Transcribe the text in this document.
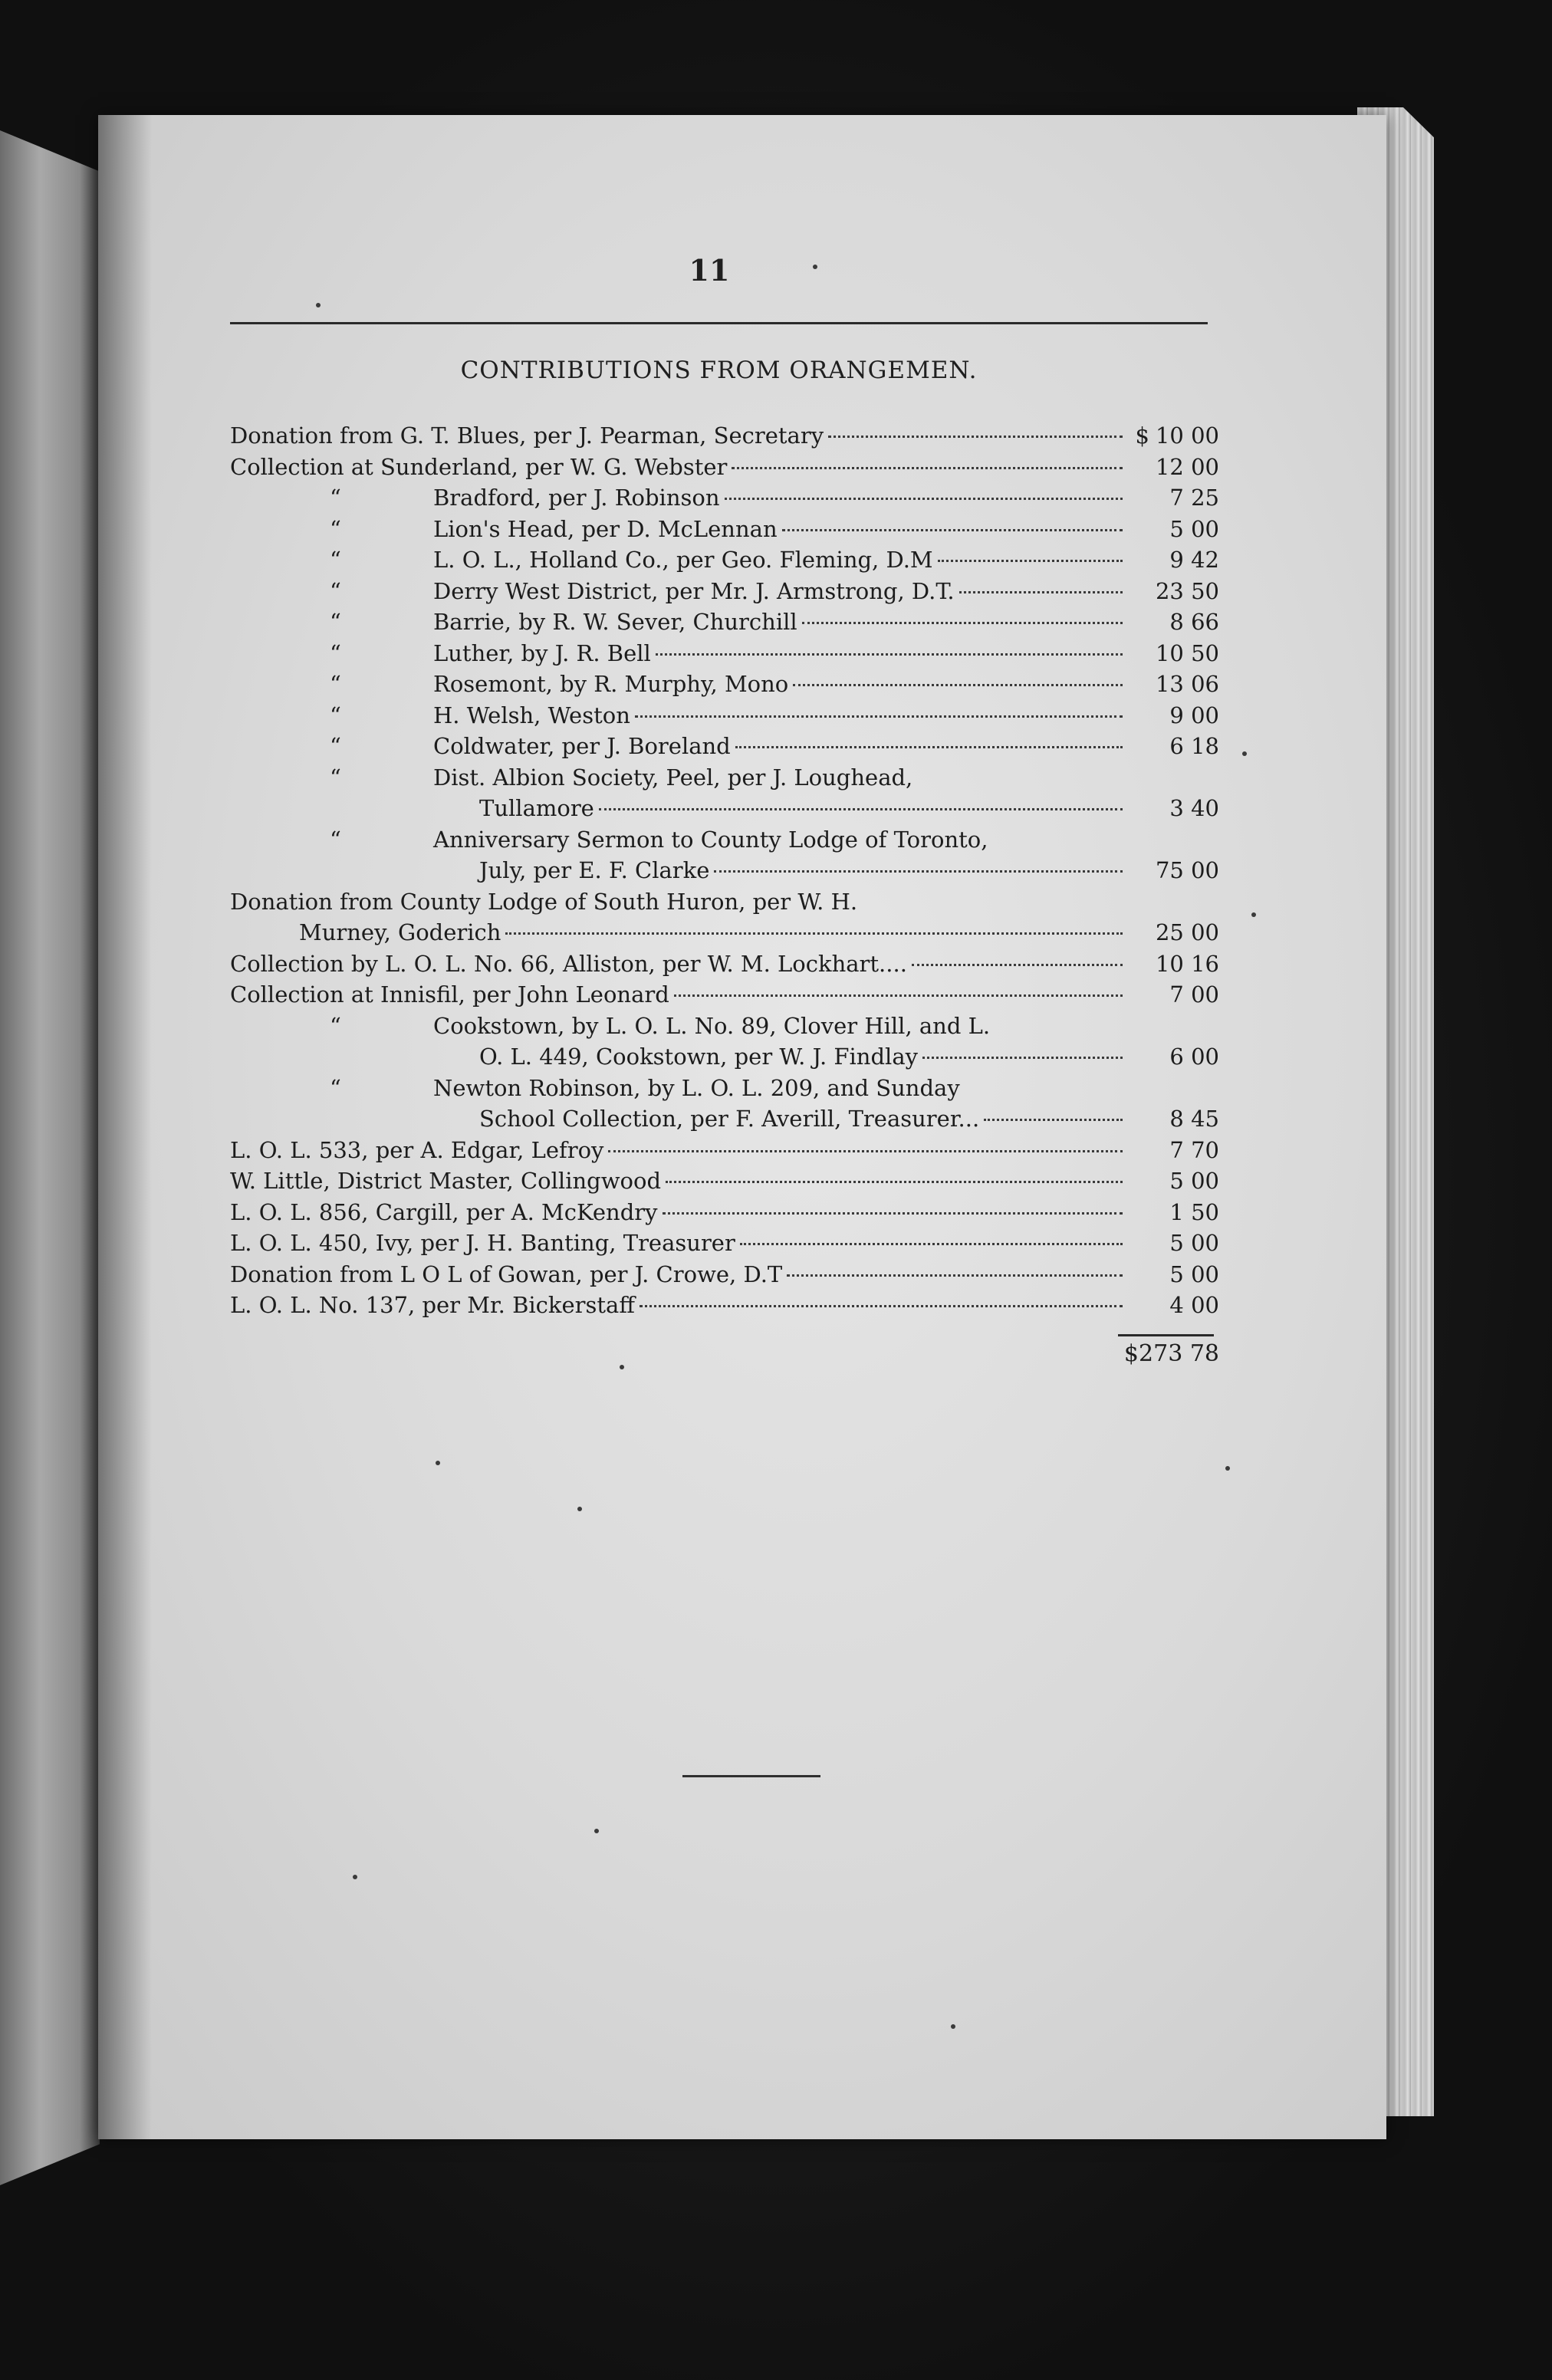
11
CONTRIBUTIONS FROM ORANGEMEN.
Donation from G. T. Blues, per J. Pearman, Secretary	$ 10 00
Collection at Sunderland, per W. G. Webster	12 00
“	Bradford, per J. Robinson	7 25
“	Lion's Head, per D. McLennan	5 00
“	L. O. L., Holland Co., per Geo. Fleming, D.M	9 42
“	Derry West District, per Mr. J. Armstrong, D.T.	23 50
“	Barrie, by R. W. Sever, Churchill	8 66
“	Luther, by J. R. Bell	10 50
“	Rosemont, by R. Murphy, Mono	13 06
“	H. Welsh, Weston	9 00
“	Coldwater, per J. Boreland	6 18
“	Dist. Albion Society, Peel, per J. Loughead,
Tullamore	3 40
“	Anniversary Sermon to County Lodge of Toronto,
July, per E. F. Clarke	75 00
Donation from County Lodge of South Huron, per W. H.
Murney, Goderich	25 00
Collection by L. O. L. No. 66, Alliston, per W. M. Lockhart....	10 16
Collection at Innisfil, per John Leonard	7 00
“	Cookstown, by L. O. L. No. 89, Clover Hill, and L.
O. L. 449, Cookstown, per W. J. Findlay	6 00
“	Newton Robinson, by L. O. L. 209, and Sunday
School Collection, per F. Averill, Treasurer...	8 45
L. O. L. 533, per A. Edgar, Lefroy	7 70
W. Little, District Master, Collingwood	5 00
L. O. L. 856, Cargill, per A. McKendry	1 50
L. O. L. 450, Ivy, per J. H. Banting, Treasurer	5 00
Donation from L O L of Gowan, per J. Crowe, D.T	5 00
L. O. L. No. 137, per Mr. Bickerstaff	4 00
$273 78
